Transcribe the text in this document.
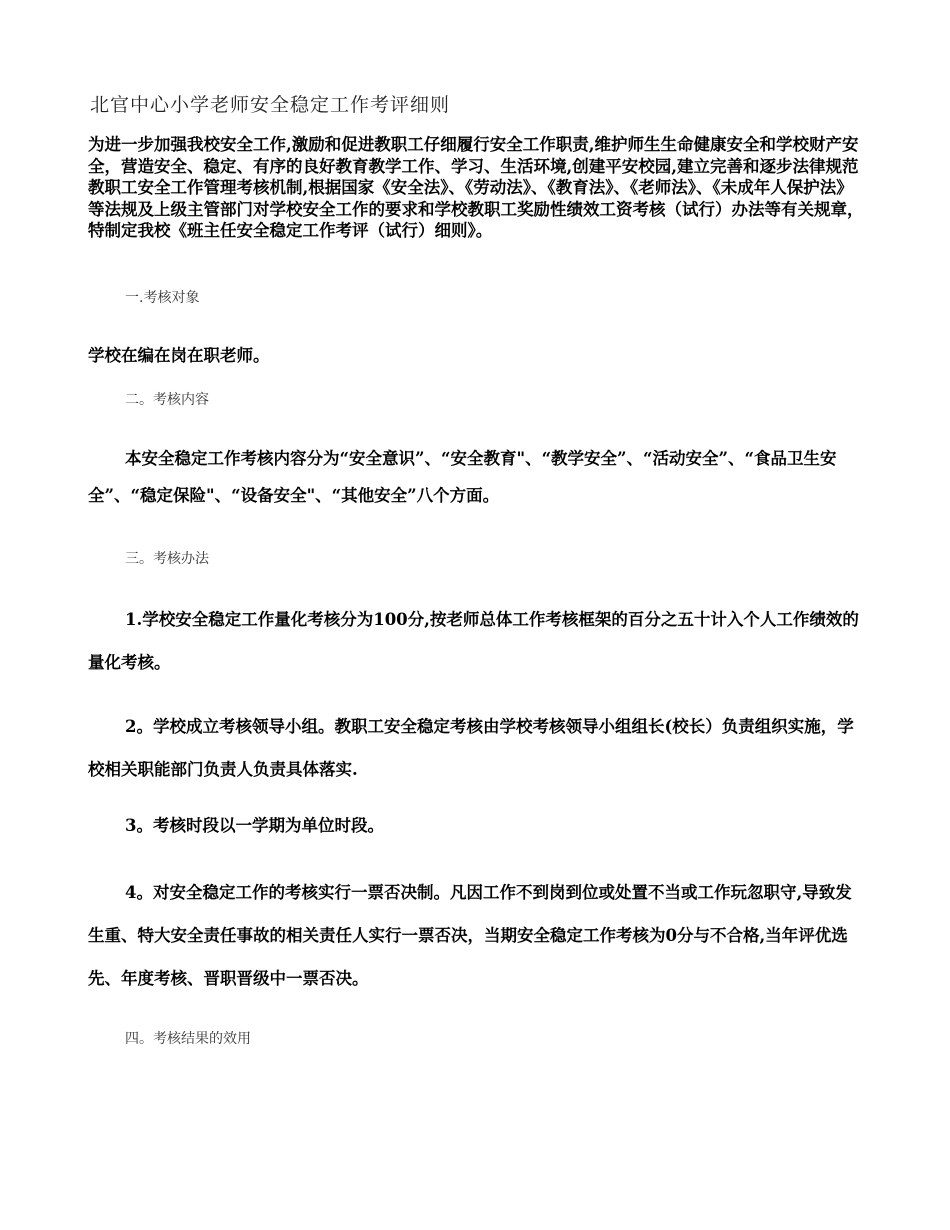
北官中心小学老师安全稳定工作考评细则
为进一步加强我校安全工作,激励和促进教职工仔细履行安全工作职责,维护师生生命健康安全和学校财产安全，营造安全、稳定、有序的良好教育教学工作、学习、生活环境,创建平安校园,建立完善和逐步法律规范教职工安全工作管理考核机制,根据国家《安全法》、《劳动法》、《教育法》、《老师法》、《未成年人保护法》等法规及上级主管部门对学校安全工作的要求和学校教职工奖励性绩效工资考核（试行）办法等有关规章，特制定我校《班主任安全稳定工作考评（试行）细则》。
一.考核对象
学校在编在岗在职老师。
二。考核内容
本安全稳定工作考核内容分为“安全意识”、“安全教育"、“教学安全”、“活动安全”、“食品卫生安全”、“稳定保险"、“设备安全"、“其他安全”八个方面。
三。考核办法
1.学校安全稳定工作量化考核分为100分,按老师总体工作考核框架的百分之五十计入个人工作绩效的量化考核。
2。学校成立考核领导小组。教职工安全稳定考核由学校考核领导小组组长(校长）负责组织实施，学校相关职能部门负责人负责具体落实.
3。考核时段以一学期为单位时段。
4。对安全稳定工作的考核实行一票否决制。凡因工作不到岗到位或处置不当或工作玩忽职守,导致发生重、特大安全责任事故的相关责任人实行一票否决，当期安全稳定工作考核为0分与不合格,当年评优选先、年度考核、晋职晋级中一票否决。
四。考核结果的效用
